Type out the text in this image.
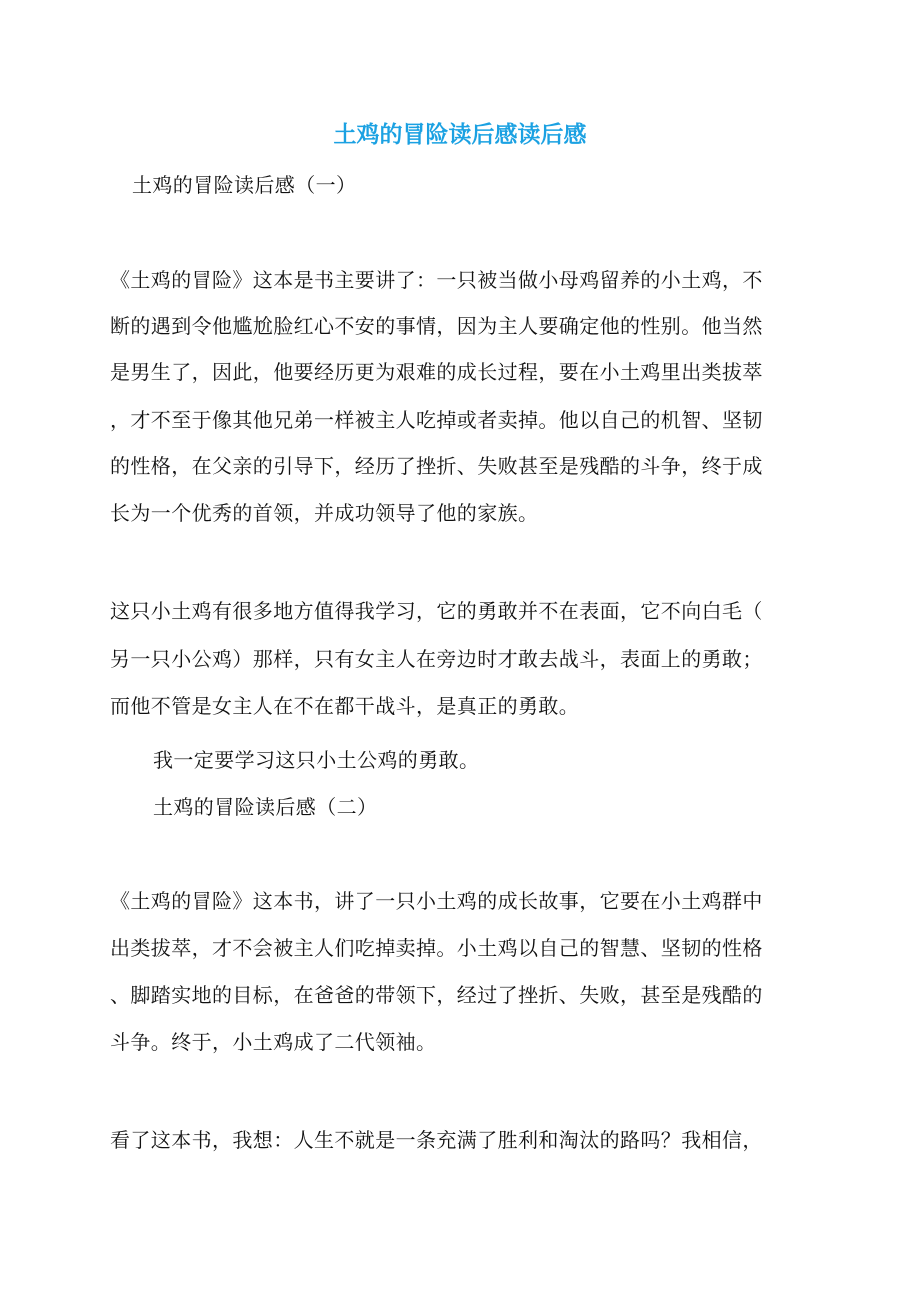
土鸡的冒险读后感读后感
土鸡的冒险读后感（一）
《土鸡的冒险》这本是书主要讲了：一只被当做小母鸡留养的小土鸡，不
断的遇到令他尴尬脸红心不安的事情，因为主人要确定他的性别。他当然
是男生了，因此，他要经历更为艰难的成长过程，要在小土鸡里出类拔萃
，才不至于像其他兄弟一样被主人吃掉或者卖掉。他以自己的机智、坚韧
的性格，在父亲的引导下，经历了挫折、失败甚至是残酷的斗争，终于成
长为一个优秀的首领，并成功领导了他的家族。
这只小土鸡有很多地方值得我学习，它的勇敢并不在表面，它不向白毛（
另一只小公鸡）那样，只有女主人在旁边时才敢去战斗，表面上的勇敢；
而他不管是女主人在不在都干战斗，是真正的勇敢。
我一定要学习这只小土公鸡的勇敢。
土鸡的冒险读后感（二）
《土鸡的冒险》这本书，讲了一只小土鸡的成长故事，它要在小土鸡群中
出类拔萃，才不会被主人们吃掉卖掉。小土鸡以自己的智慧、坚韧的性格
、脚踏实地的目标，在爸爸的带领下，经过了挫折、失败，甚至是残酷的
斗争。终于，小土鸡成了二代领袖。
看了这本书，我想：人生不就是一条充满了胜利和淘汰的路吗？我相信，
